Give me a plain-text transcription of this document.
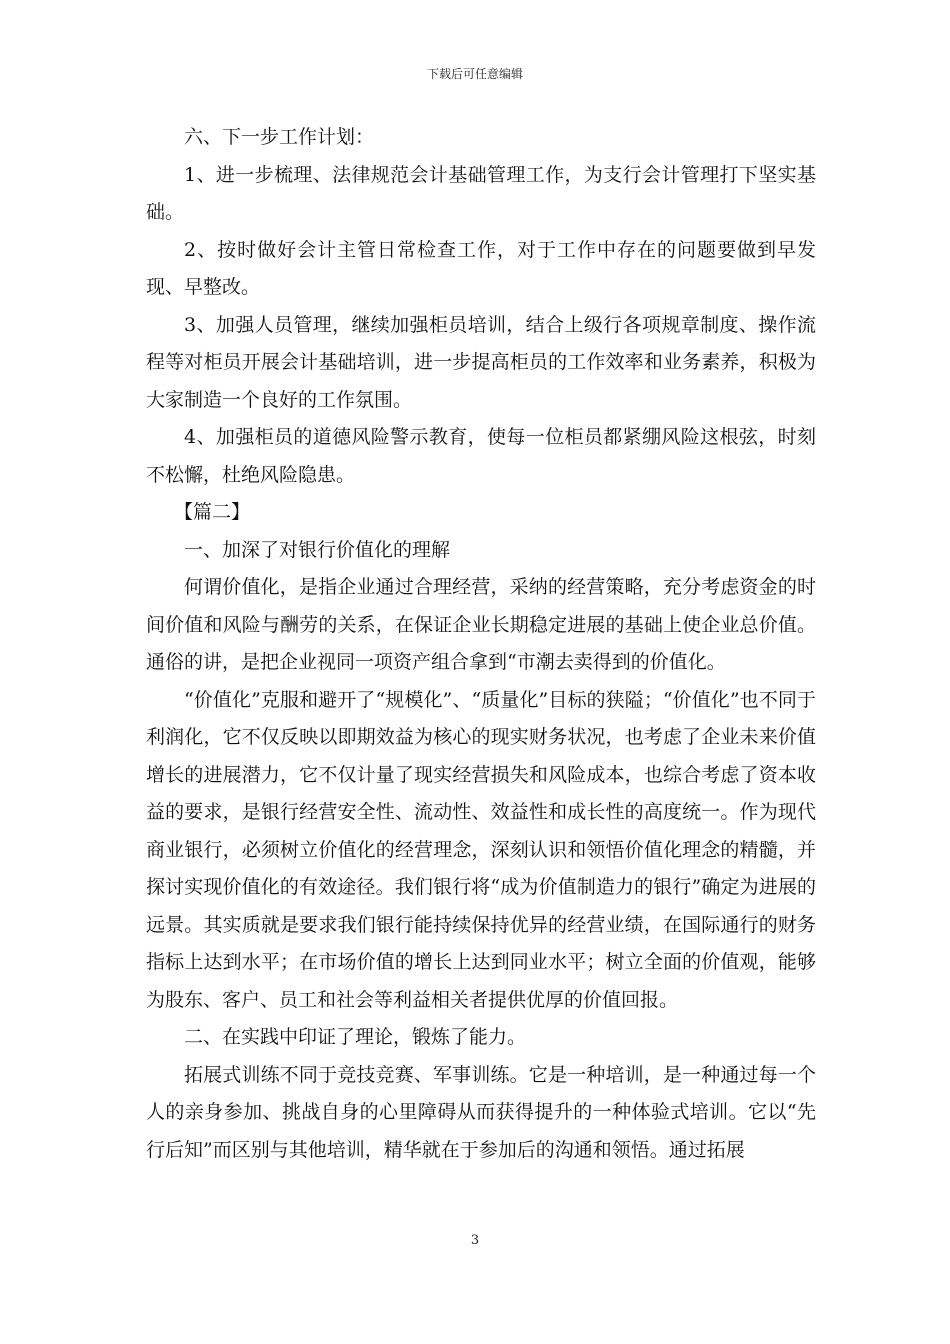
下载后可任意编辑

六、下一步工作计划：

1、进一步梳理、法律规范会计基础管理工作，为支行会计管理打下坚实基础。

2、按时做好会计主管日常检查工作，对于工作中存在的问题要做到早发现、早整改。

3、加强人员管理，继续加强柜员培训，结合上级行各项规章制度、操作流程等对柜员开展会计基础培训，进一步提高柜员的工作效率和业务素养，积极为大家制造一个良好的工作氛围。

4、加强柜员的道德风险警示教育，使每一位柜员都紧绷风险这根弦，时刻不松懈，杜绝风险隐患。

【篇二】

一、加深了对银行价值化的理解

何谓价值化，是指企业通过合理经营，采纳的经营策略，充分考虑资金的时间价值和风险与酬劳的关系，在保证企业长期稳定进展的基础上使企业总价值。通俗的讲，是把企业视同一项资产组合拿到“市潮去卖得到的价值化。

“价值化”克服和避开了“规模化”、“质量化”目标的狭隘；“价值化”也不同于利润化，它不仅反映以即期效益为核心的现实财务状况，也考虑了企业未来价值增长的进展潜力，它不仅计量了现实经营损失和风险成本，也综合考虑了资本收益的要求，是银行经营安全性、流动性、效益性和成长性的高度统一。作为现代商业银行，必须树立价值化的经营理念，深刻认识和领悟价值化理念的精髓，并探讨实现价值化的有效途径。我们银行将“成为价值制造力的银行”确定为进展的远景。其实质就是要求我们银行能持续保持优异的经营业绩，在国际通行的财务指标上达到水平；在市场价值的增长上达到同业水平；树立全面的价值观，能够为股东、客户、员工和社会等利益相关者提供优厚的价值回报。

二、在实践中印证了理论，锻炼了能力。

拓展式训练不同于竞技竞赛、军事训练。它是一种培训，是一种通过每一个人的亲身参加、挑战自身的心里障碍从而获得提升的一种体验式培训。它以“先行后知”而区别与其他培训，精华就在于参加后的沟通和领悟。通过拓展

3
